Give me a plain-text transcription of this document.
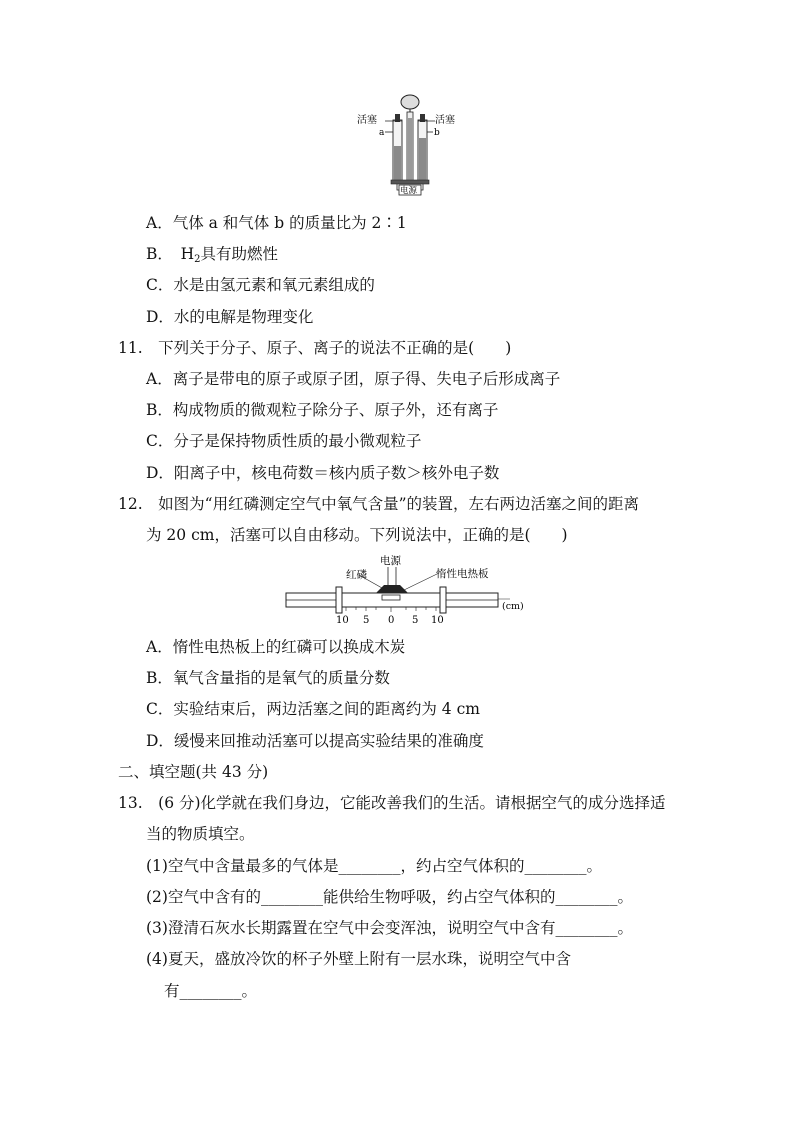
活塞	活塞
a	b
电源
A．气体 a 和气体 b 的质量比为 2∶1
B．　$H_2$具有助燃性
C．水是由氢元素和氧元素组成的
D．水的电解是物理变化
11.　下列关于分子、原子、离子的说法不正确的是(　　)
A．离子是带电的原子或原子团，原子得、失电子后形成离子
B．构成物质的微观粒子除分子、原子外，还有离子
C．分子是保持物质性质的最小微观粒子
D．阳离子中，核电荷数＝核内质子数＞核外电子数
12.　如图为“用红磷测定空气中氧气含量”的装置，左右两边活塞之间的距离
为 20 cm，活塞可以自由移动。下列说法中，正确的是(　　)
电源
红磷	惰性电热板
(cm)
10 5 0 5 10
A．惰性电热板上的红磷可以换成木炭
B．氧气含量指的是氧气的质量分数
C．实验结束后，两边活塞之间的距离约为 4 cm
D．缓慢来回推动活塞可以提高实验结果的准确度
二、填空题(共 43 分)
13.　(6 分)化学就在我们身边，它能改善我们的生活。请根据空气的成分选择适
当的物质填空。
(1)空气中含量最多的气体是________，约占空气体积的________。
(2)空气中含有的________能供给生物呼吸，约占空气体积的________。
(3)澄清石灰水长期露置在空气中会变浑浊，说明空气中含有________。
(4)夏天，盛放冷饮的杯子外壁上附有一层水珠，说明空气中含
有________。
